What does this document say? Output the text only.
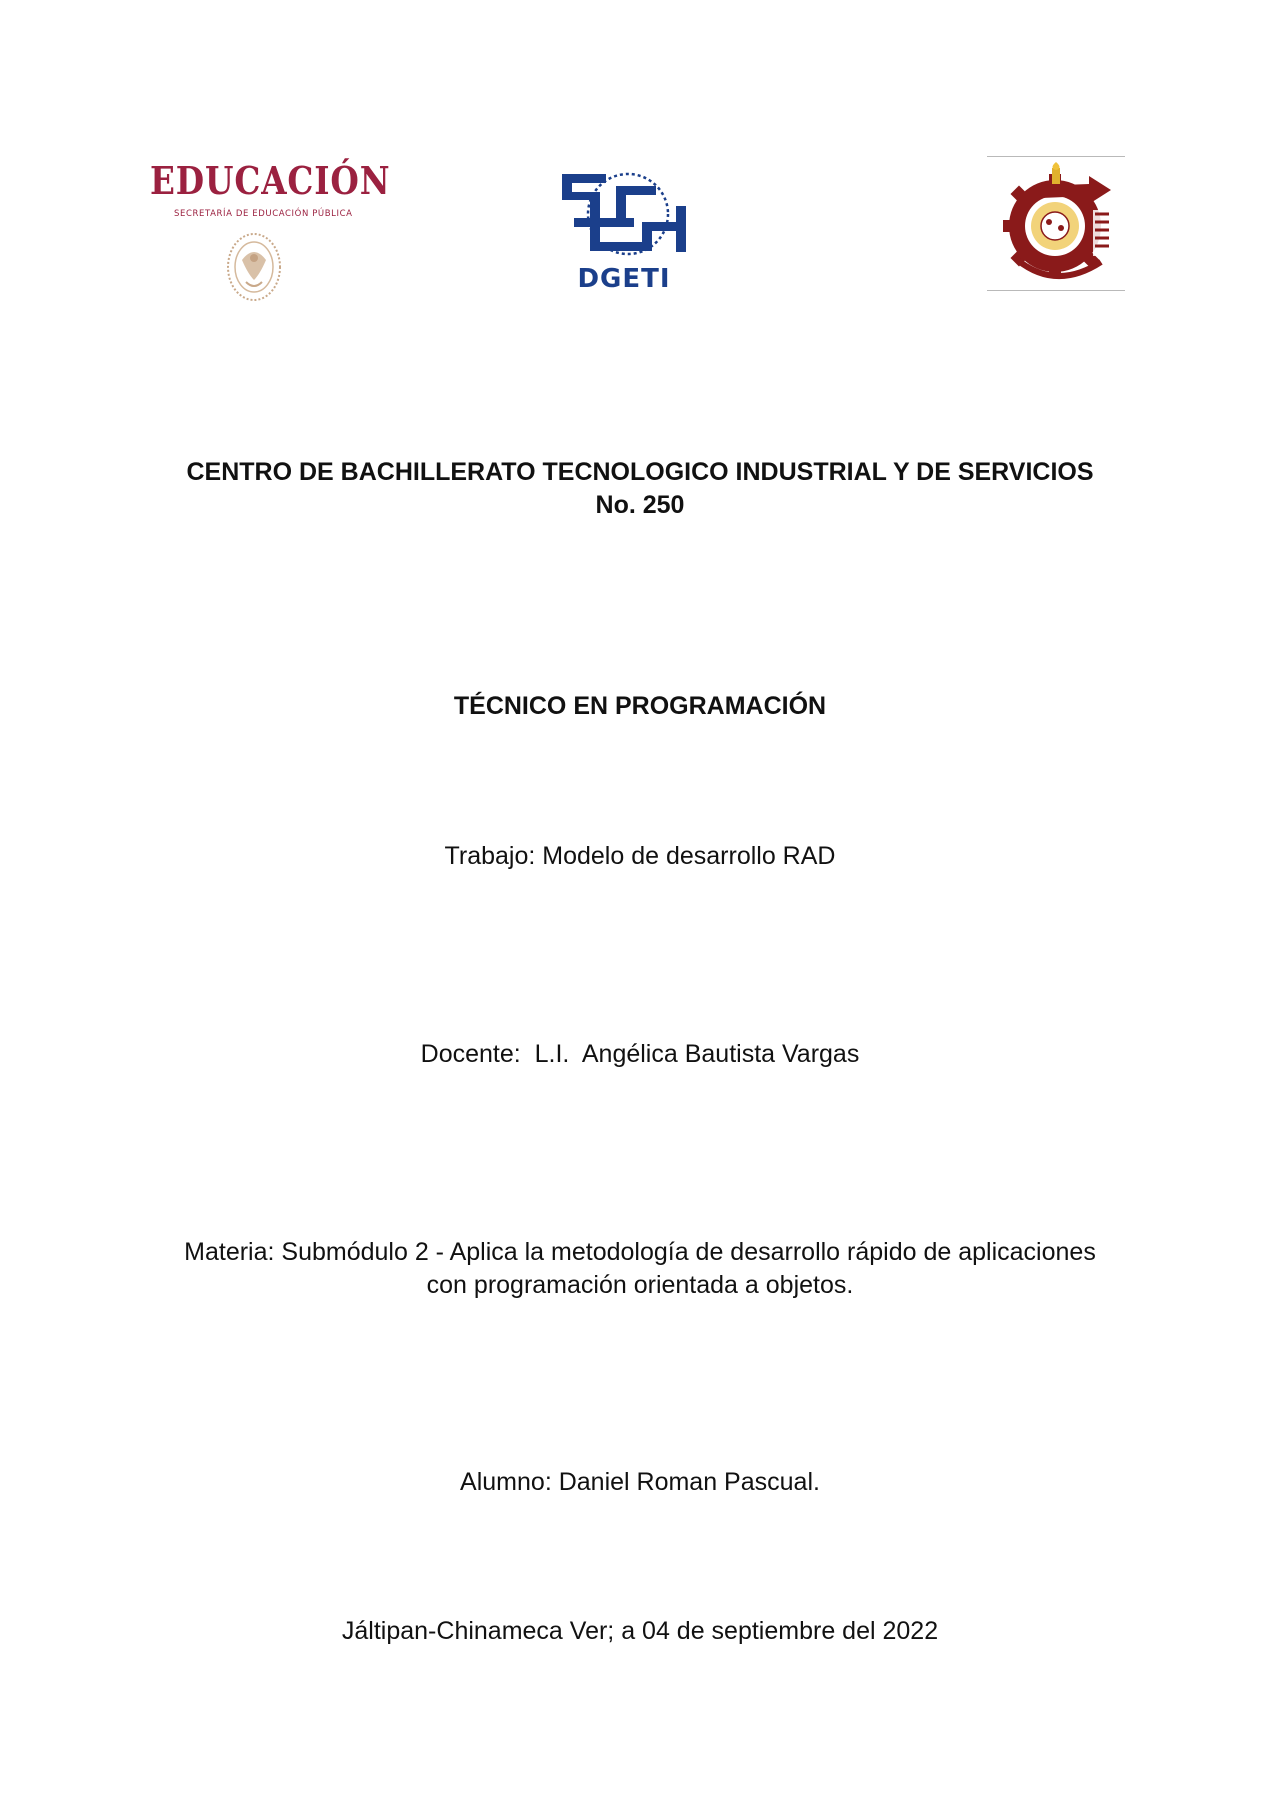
EDUCACIÓN
SECRETARÍA DE EDUCACIÓN PÚBLICA
DGETI
CENTRO DE BACHILLERATO TECNOLOGICO INDUSTRIAL Y DE SERVICIOS
No. 250
TÉCNICO EN PROGRAMACIÓN
Trabajo: Modelo de desarrollo RAD
Docente:  L.I.  Angélica Bautista Vargas
Materia: Submódulo 2 - Aplica la metodología de desarrollo rápido de aplicaciones
con programación orientada a objetos.
Alumno: Daniel Roman Pascual.
Jáltipan-Chinameca Ver; a 04 de septiembre del 2022
